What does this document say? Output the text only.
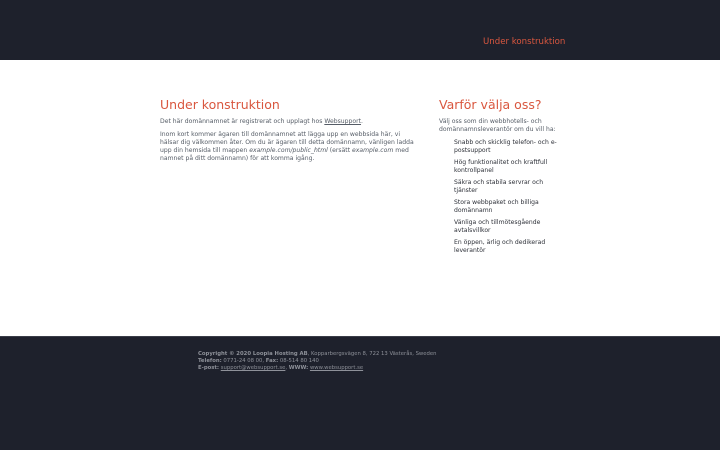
Under konstruktion
Under konstruktion

Det här domännamnet är registrerat och upplagt hos Websupport.

Inom kort kommer ägaren till domännamnet att lägga upp en webbsida här, vi hälsar dig välkommen åter. Om du är ägaren till detta domännamn, vänligen ladda upp din hemsida till mappen example.com/public_html (ersätt example.com med namnet på ditt domännamn) för att komma igång.

Varför välja oss?

Välj oss som din webbhotells- och domännamnsleverantör om du vill ha:

Snabb och skicklig telefon- och e-postsupport
Hög funktionalitet och kraftfull kontrollpanel
Säkra och stabila servrar och tjänster
Stora webbpaket och billiga domännamn
Vänliga och tillmötesgående avtalsvillkor
En öppen, ärlig och dedikerad leverantör
Copyright © 2020 Loopia Hosting AB, Kopparbergsvägen 8, 722 13 Västerås, Sweden
Telefon: 0771-24 08 00, Fax: 08-514 80 140
E-post: support@websupport.se, WWW: www.websupport.se
